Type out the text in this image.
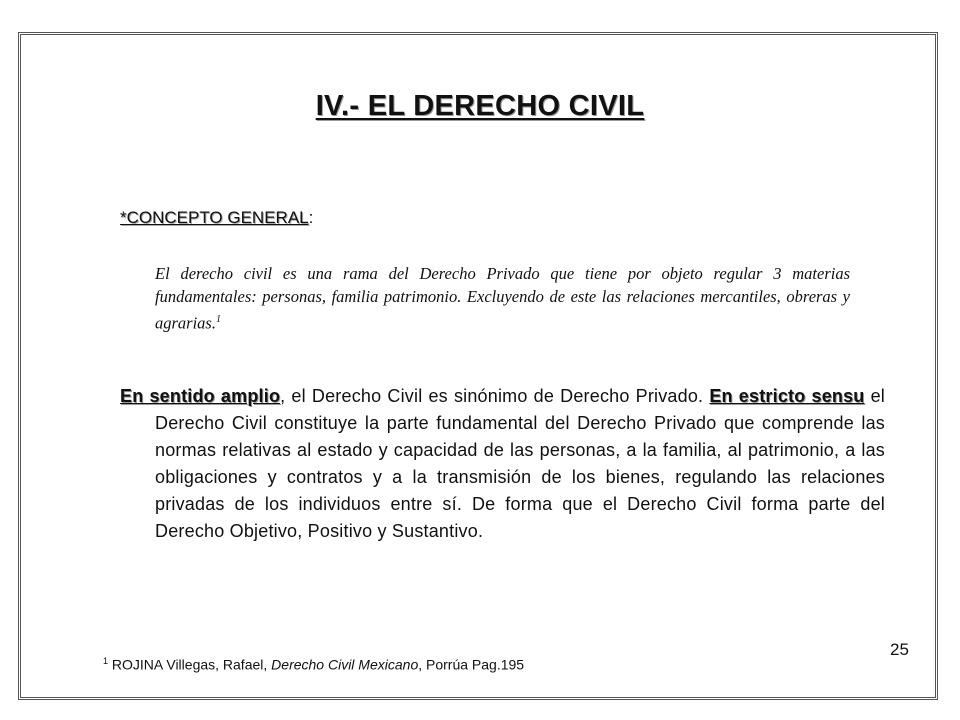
IV.- EL DERECHO CIVIL
*CONCEPTO GENERAL:
El derecho civil es una rama del Derecho Privado que tiene por objeto regular 3 materias fundamentales: personas, familia patrimonio. Excluyendo de este las relaciones mercantiles, obreras y agrarias.$^1$
En sentido amplio, el Derecho Civil es sinónimo de Derecho Privado. En estricto sensu el Derecho Civil constituye la parte fundamental del Derecho Privado que comprende las normas relativas al estado y capacidad de las personas, a la familia, al patrimonio, a las obligaciones y contratos y a la transmisión de los bienes, regulando las relaciones privadas de los individuos entre sí. De forma que el Derecho Civil forma parte del Derecho Objetivo, Positivo y Sustantivo.
25
$^1$ ROJINA Villegas, Rafael, Derecho Civil Mexicano, Porrúa Pag.195
